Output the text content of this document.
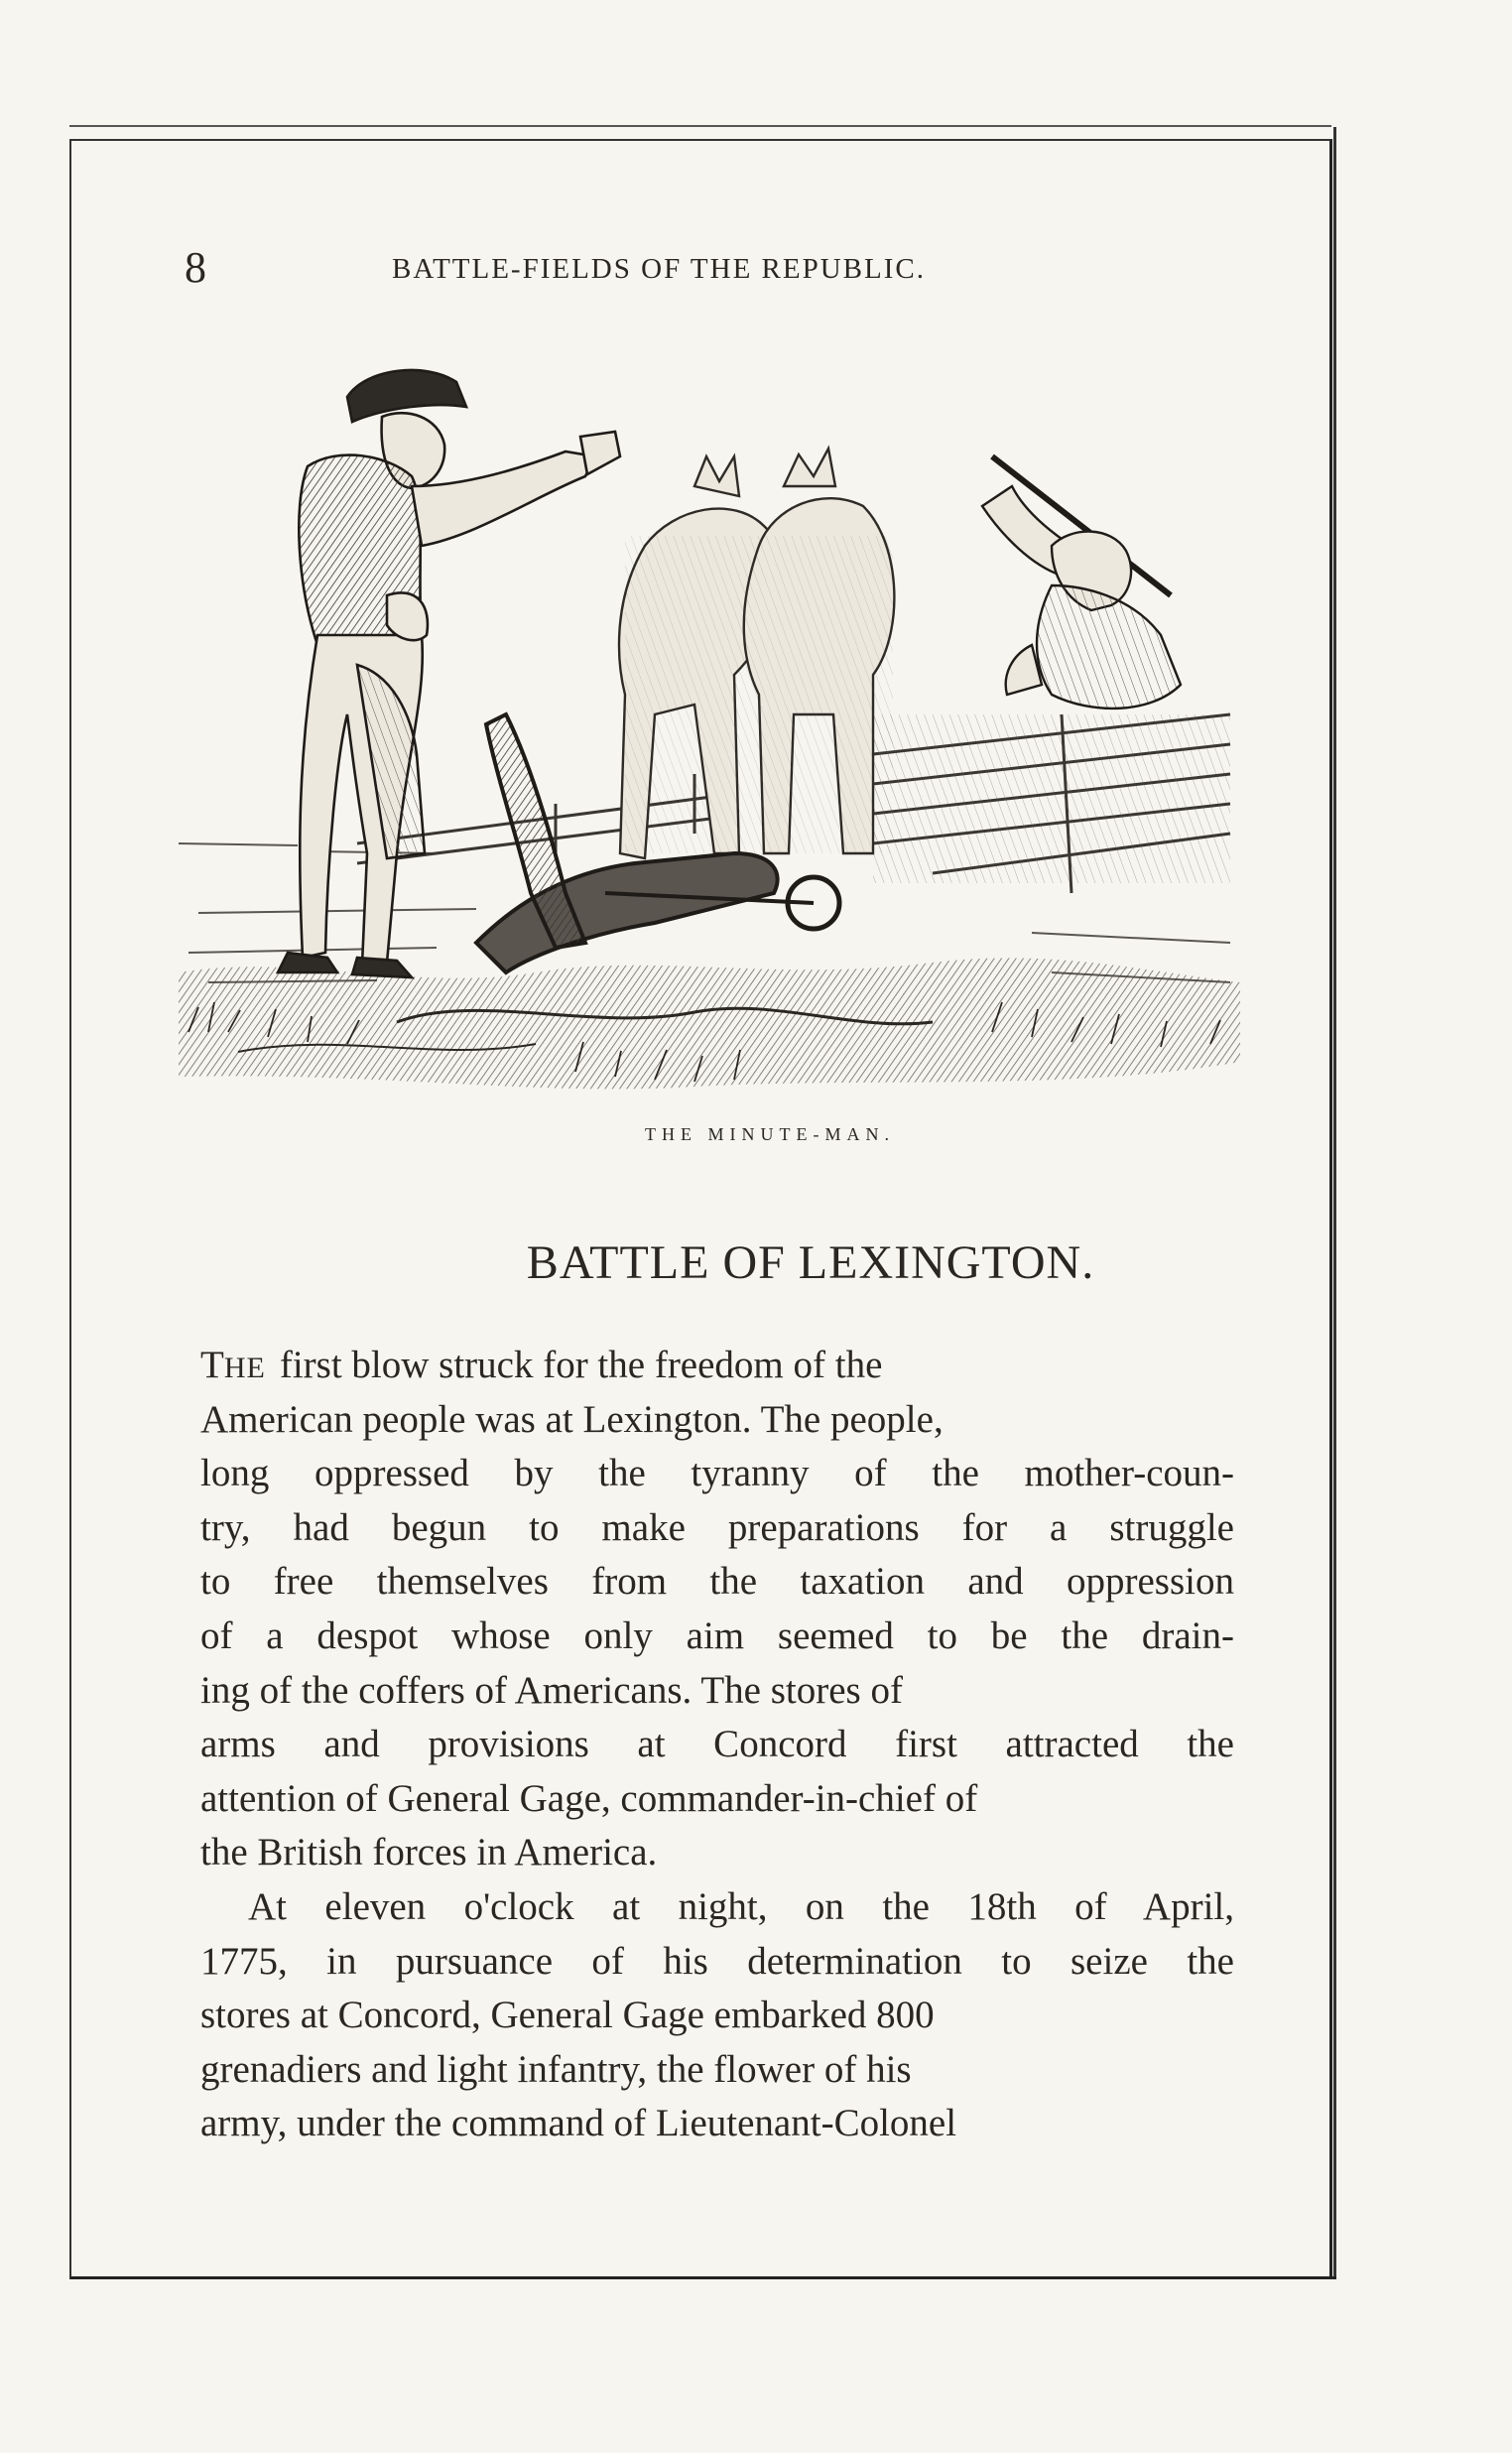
8	BATTLE-FIELDS OF THE REPUBLIC.
THE MINUTE-MAN.
BATTLE OF LEXINGTON.
THE first blow struck for the freedom of the
American people was at Lexington. The people,
long oppressed by the tyranny of the mother-coun-
try, had begun to make preparations for a struggle
to free themselves from the taxation and oppression
of a despot whose only aim seemed to be the drain-
ing of the coffers of Americans. The stores of
arms and provisions at Concord first attracted the
attention of General Gage, commander-in-chief of
the British forces in America.
At eleven o'clock at night, on the 18th of April,
1775, in pursuance of his determination to seize the
stores at Concord, General Gage embarked 800
grenadiers and light infantry, the flower of his
army, under the command of Lieutenant-Colonel
